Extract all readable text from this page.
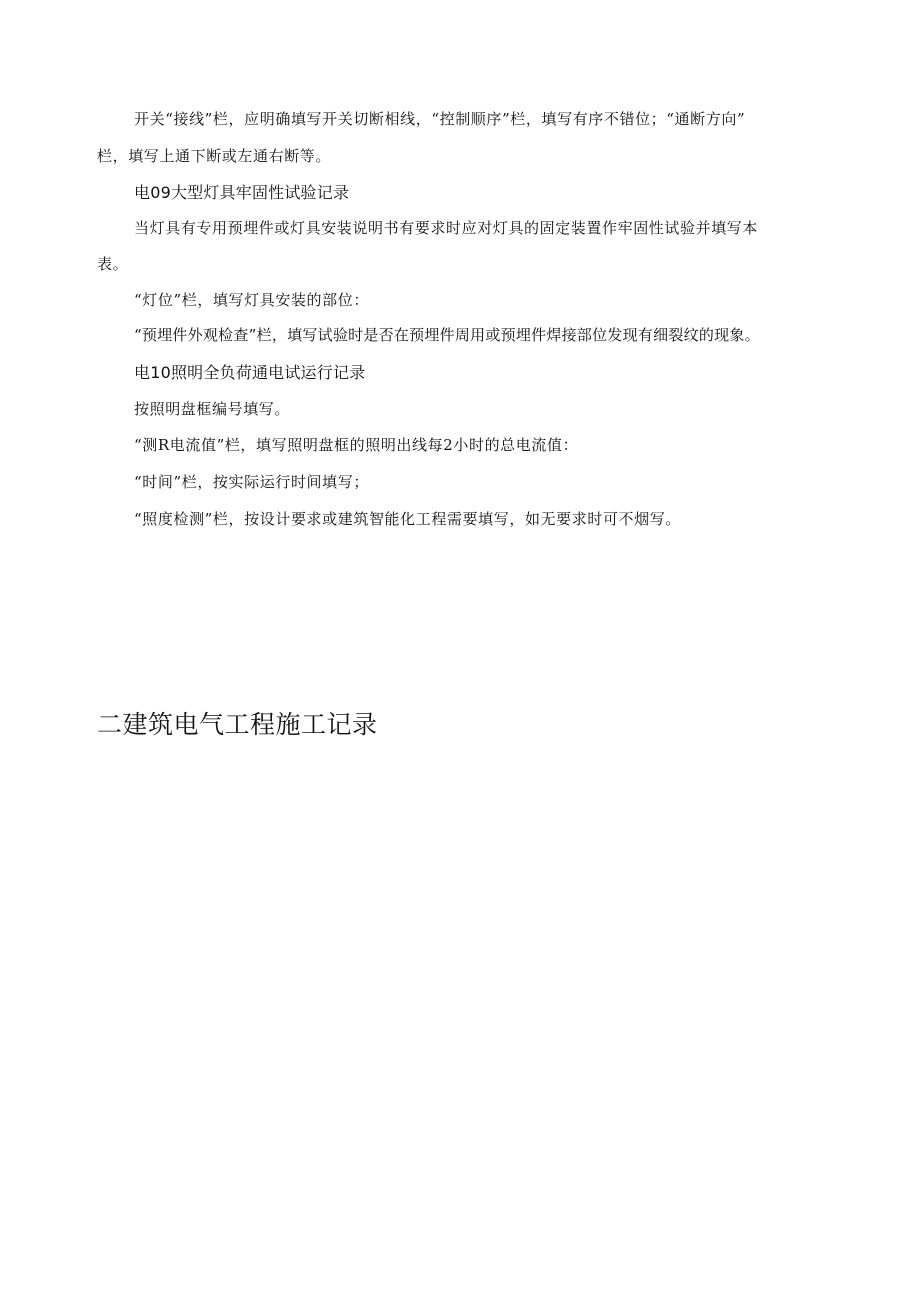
开关“接线”栏，应明确填写开关切断相线，“控制顺序”栏，填写有序不错位；“通断方向”
栏，填写上通下断或左通右断等。
电09大型灯具牢固性试验记录
当灯具有专用预埋件或灯具安装说明书有要求时应对灯具的固定装置作牢固性试验并填写本
表。
“灯位”栏，填写灯具安装的部位：
“预埋件外观检查”栏，填写试验时是否在预埋件周用或预埋件焊接部位发现有细裂纹的现象。
电10照明全负荷通电试运行记录
按照明盘框编号填写。
“测R电流值”栏，填写照明盘框的照明出线每2小时的总电流值：
“时间”栏，按实际运行时间填写；
“照度检测”栏，按设计要求或建筑智能化工程需要填写，如无要求时可不烟写。
二建筑电气工程施工记录
